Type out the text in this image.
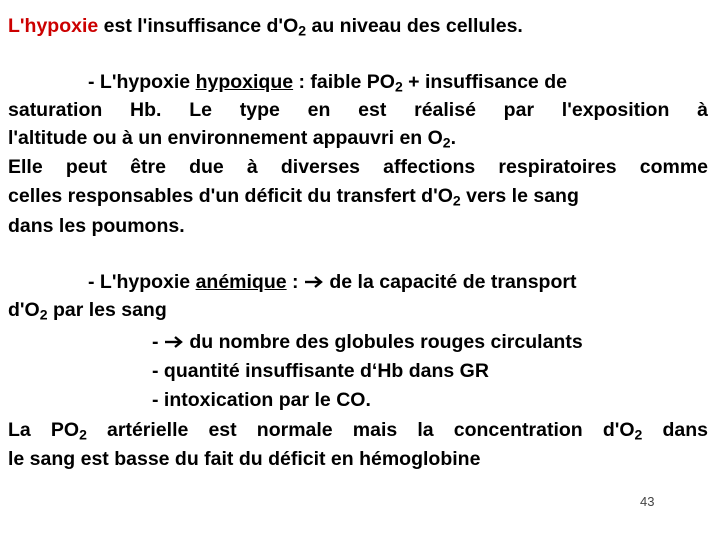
L'hypoxie est l'insuffisance $d'O_2$ au niveau des cellules.
- L'hypoxie hypoxique : faible $PO_2$ + insuffisance de
saturation Hb. Le type en est réalisé par l'exposition à
l'altitude ou à un environnement appauvri en $O_2$.
Elle peut être due à diverses affections respiratoires comme
celles responsables d'un déficit du transfert $d'O_2$ vers le sang
dans les poumons.
- L'hypoxie anémique :  de la capacité de transport
$d'O_2$ par les sang
-  du nombre des globules rouges circulants
- quantité insuffisante d‘Hb dans GR
- intoxication par le CO.
La $PO_2$ artérielle est normale mais la concentration $d'O_2$ dans
le sang est basse du fait du déficit en hémoglobine
43
